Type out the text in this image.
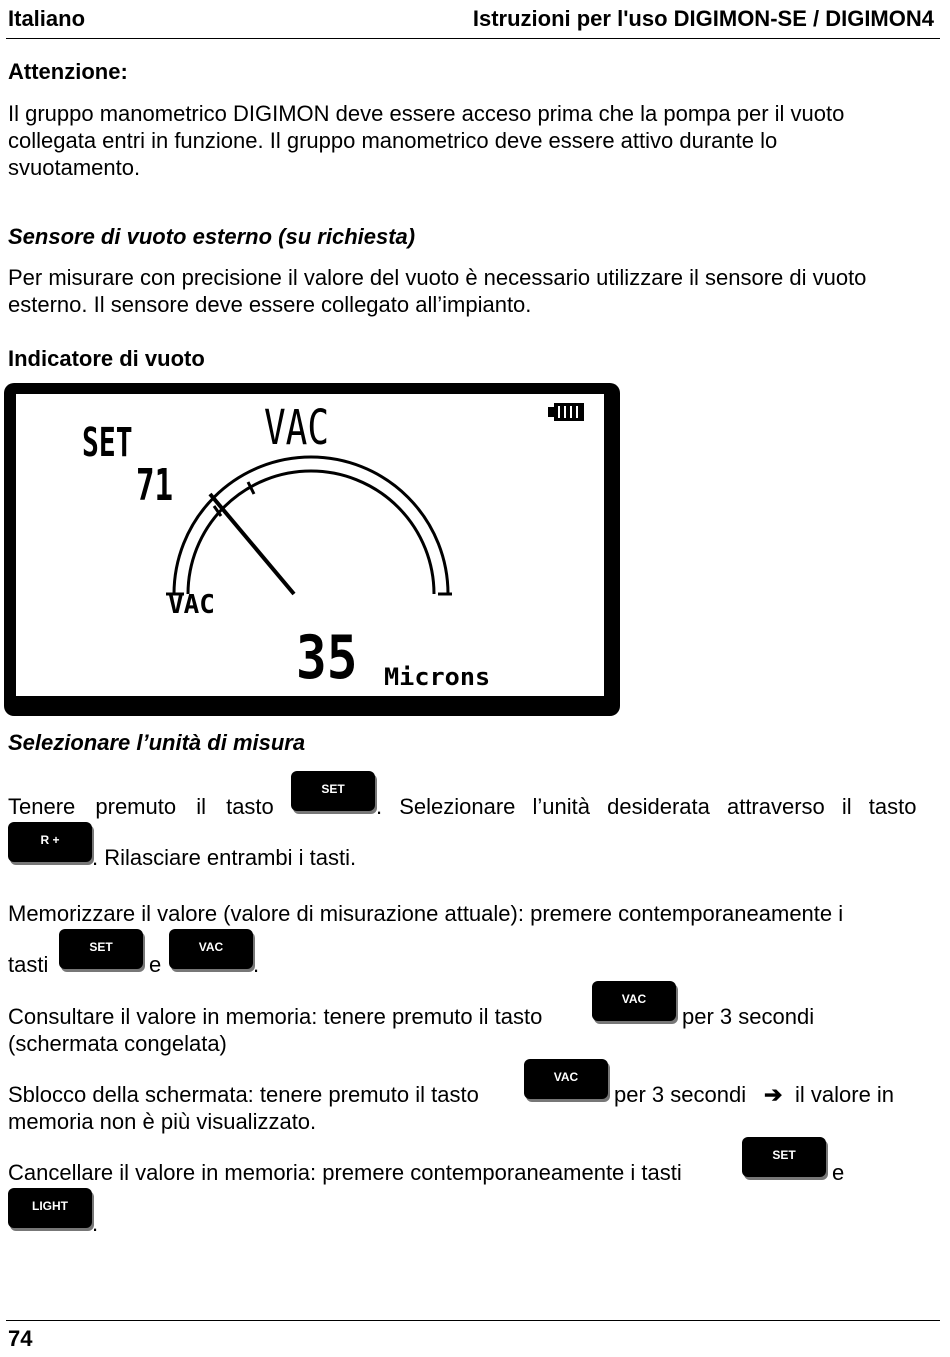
Italiano	Istruzioni per l'uso DIGIMON-SE / DIGIMON4
Attenzione:
Il gruppo manometrico DIGIMON deve essere acceso prima che la pompa per il vuoto
collegata entri in funzione. Il gruppo manometrico deve essere attivo durante lo
svuotamento.
Sensore di vuoto esterno (su richiesta)
Per misurare con precisione il valore del vuoto è necessario utilizzare il sensore di vuoto
esterno. Il sensore deve essere collegato all’impianto.
Indicatore di vuoto
SET
71
VAC
VAC
35 Microns
Selezionare l’unità di misura
Tenere premuto il tasto
SET
. Selezionare l’unità desiderata attraverso il tasto
R +
. Rilasciare entrambi i tasti.
Memorizzare il valore (valore di misurazione attuale): premere contemporaneamente i
tasti
SET
e
VAC
.
Consultare il valore in memoria: tenere premuto il tasto
VAC
per 3 secondi
(schermata congelata)
Sblocco della schermata: tenere premuto il tasto
VAC
per 3 secondi ➔ il valore in
memoria non è più visualizzato.
Cancellare il valore in memoria: premere contemporaneamente i tasti
SET
e
LIGHT
.
74
